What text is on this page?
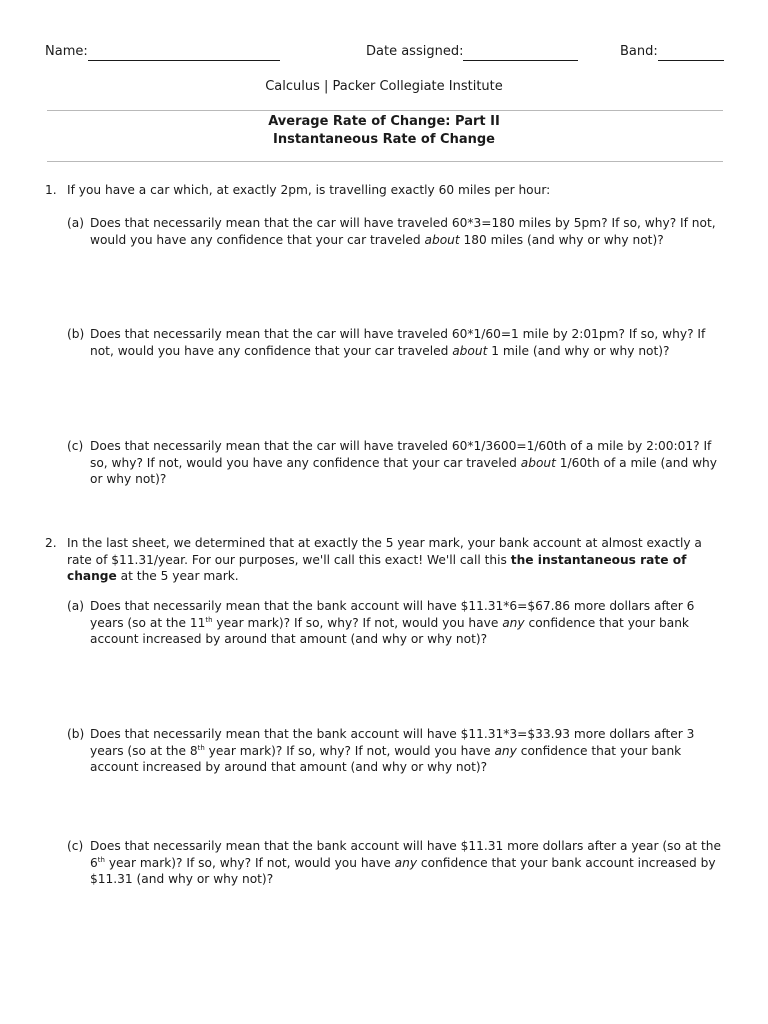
Name:	Date assigned:	Band:
Calculus | Packer Collegiate Institute
Average Rate of Change: Part II
Instantaneous Rate of Change
1. If you have a car which, at exactly 2pm, is travelling exactly 60 miles per hour:
(a) Does that necessarily mean that the car will have traveled 60*3=180 miles by 5pm? If so, why? If not, would you have any confidence that your car traveled about 180 miles (and why or why not)?
(b) Does that necessarily mean that the car will have traveled 60*1/60=1 mile by 2:01pm? If so, why? If not, would you have any confidence that your car traveled about 1 mile (and why or why not)?
(c) Does that necessarily mean that the car will have traveled 60*1/3600=1/60th of a mile by 2:00:01? If so, why? If not, would you have any confidence that your car traveled about 1/60th of a mile (and why or why not)?
2. In the last sheet, we determined that at exactly the 5 year mark, your bank account at almost exactly a rate of $11.31/year. For our purposes, we'll call this exact! We'll call this the instantaneous rate of change at the 5 year mark.
(a) Does that necessarily mean that the bank account will have $11.31*6=$67.86 more dollars after 6 years (so at the 11th year mark)? If so, why? If not, would you have any confidence that your bank account increased by around that amount (and why or why not)?
(b) Does that necessarily mean that the bank account will have $11.31*3=$33.93 more dollars after 3 years (so at the 8th year mark)? If so, why? If not, would you have any confidence that your bank account increased by around that amount (and why or why not)?
(c) Does that necessarily mean that the bank account will have $11.31 more dollars after a year (so at the 6th year mark)? If so, why? If not, would you have any confidence that your bank account increased by $11.31 (and why or why not)?
